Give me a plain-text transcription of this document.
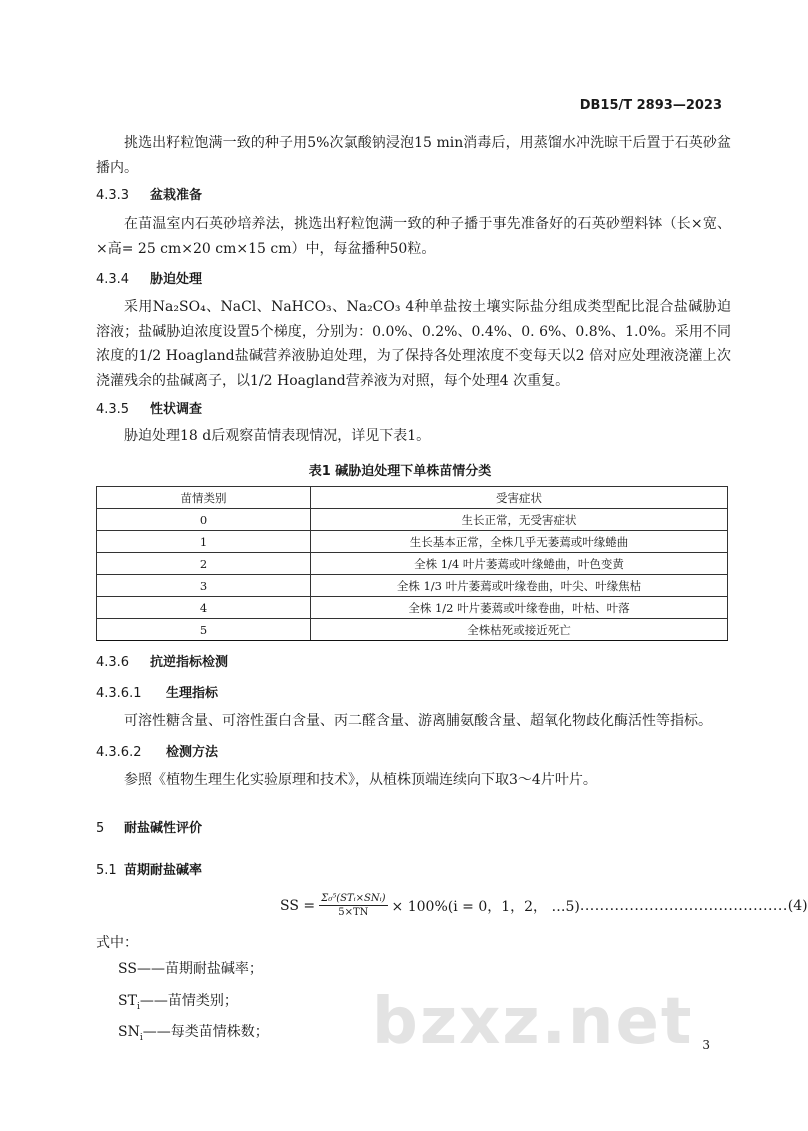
DB15/T 2893—2023

挑选出籽粒饱满一致的种子用5%次氯酸钠浸泡15 min消毒后，用蒸馏水冲洗晾干后置于石英砂盆播内。

4.3.3 盆栽准备

在苗温室内石英砂培养法，挑选出籽粒饱满一致的种子播于事先准备好的石英砂塑料钵（长×宽、×高= 25 cm×20 cm×15 cm）中，每盆播种50粒。

4.3.4 胁迫处理

采用Na₂SO₄、NaCl、NaHCO₃、Na₂CO₃ 4种单盐按土壤实际盐分组成类型配比混合盐碱胁迫溶液；盐碱胁迫浓度设置5个梯度，分别为：0.0%、0.2%、0.4%、0. 6%、0.8%、1.0%。采用不同浓度的1/2 Hoagland盐碱营养液胁迫处理，为了保持各处理浓度不变每天以2 倍对应处理液浇灌上次浇灌残余的盐碱离子，以1/2 Hoagland营养液为对照，每个处理4 次重复。

4.3.5 性状调查

胁迫处理18 d后观察苗情表现情况，详见下表1。

表1 碱胁迫处理下单株苗情分类
苗情类别	受害症状
0	生长正常，无受害症状
1	生长基本正常，全株几乎无萎蔫或叶缘蜷曲
2	全株 1/4 叶片萎蔫或叶缘蜷曲，叶色变黄
3	全株 1/3 叶片萎蔫或叶缘卷曲，叶尖、叶缘焦枯
4	全株 1/2 叶片萎蔫或叶缘卷曲，叶枯、叶落
5	全株枯死或接近死亡
4.3.6 抗逆指标检测
4.3.6.1 生理指标

可溶性糖含量、可溶性蛋白含量、丙二醛含量、游离脯氨酸含量、超氧化物歧化酶活性等指标。

4.3.6.2 检测方法

参照《植物生理生化实验原理和技术》，从植株顶端连续向下取3～4片叶片。

5 耐盐碱性评价
5.1 苗期耐盐碱率
SS = $\frac{\text{Σ₀⁵(STᵢ×SNᵢ)}}{5\times TN} \times 100\%(i = 0$，1，2， …5) .......................................... (4)
式中：
SS——苗期耐盐碱率；
$ST_i——$苗情类别；
$SN_i——$每类苗情株数； bzxz.net 3
